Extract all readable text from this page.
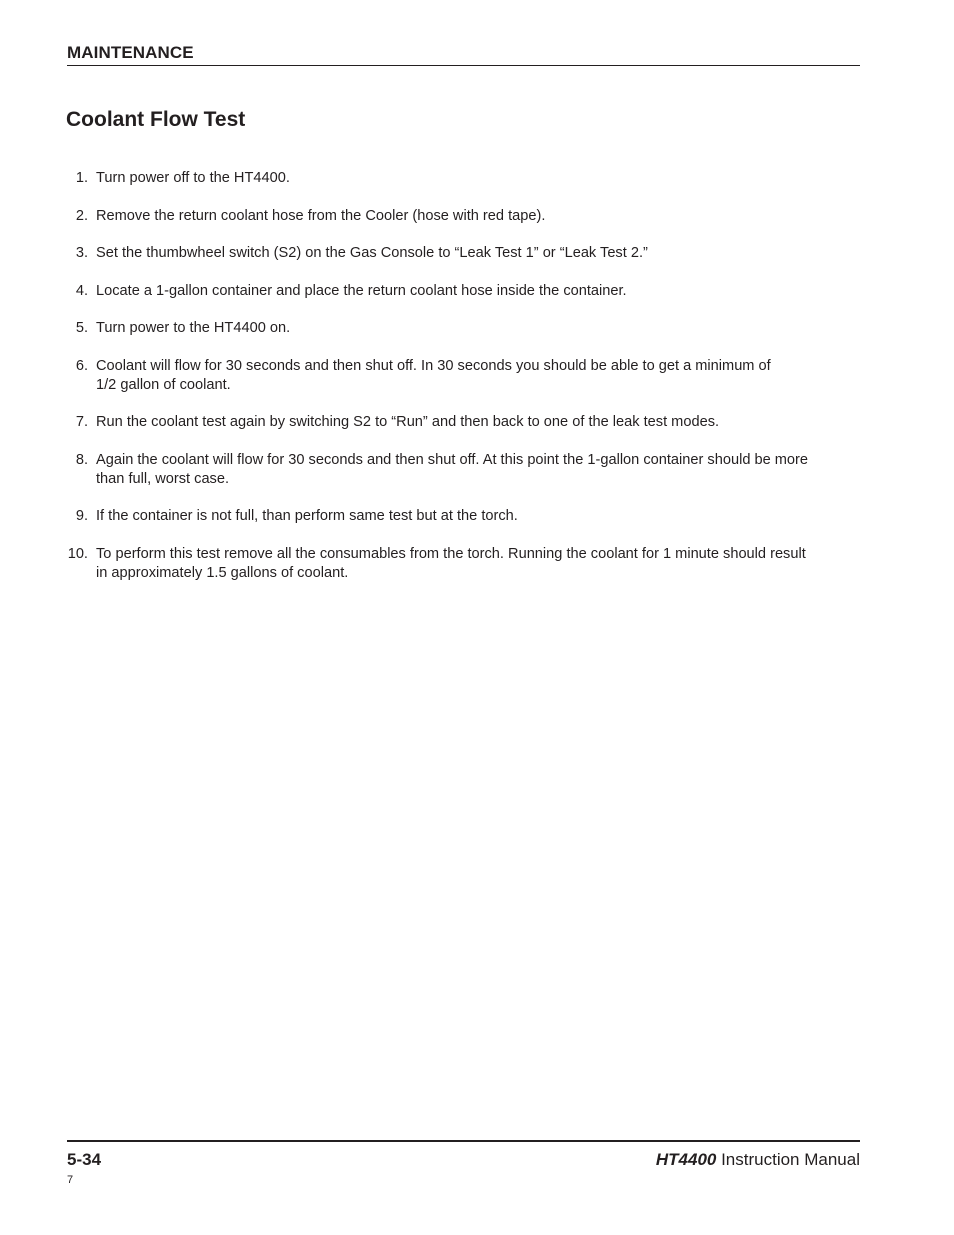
MAINTENANCE
Coolant Flow Test
1. Turn power off to the HT4400.
2. Remove the return coolant hose from the Cooler (hose with red tape).
3. Set the thumbwheel switch (S2) on the Gas Console to “Leak Test 1” or “Leak Test 2.”
4. Locate a 1-gallon container and place the return coolant hose inside the container.
5. Turn power to the HT4400 on.
6. Coolant will flow for 30 seconds and then shut off. In 30 seconds you should be able to get a minimum of
1/2 gallon of coolant.
7. Run the coolant test again by switching S2 to “Run” and then back to one of the leak test modes.
8. Again the coolant will flow for 30 seconds and then shut off. At this point the 1-gallon container should be more
than full, worst case.
9. If the container is not full, than perform same test but at the torch.
10. To perform this test remove all the consumables from the torch. Running the coolant for 1 minute should result
in approximately 1.5 gallons of coolant.
5-34	HT4400 Instruction Manual
7
